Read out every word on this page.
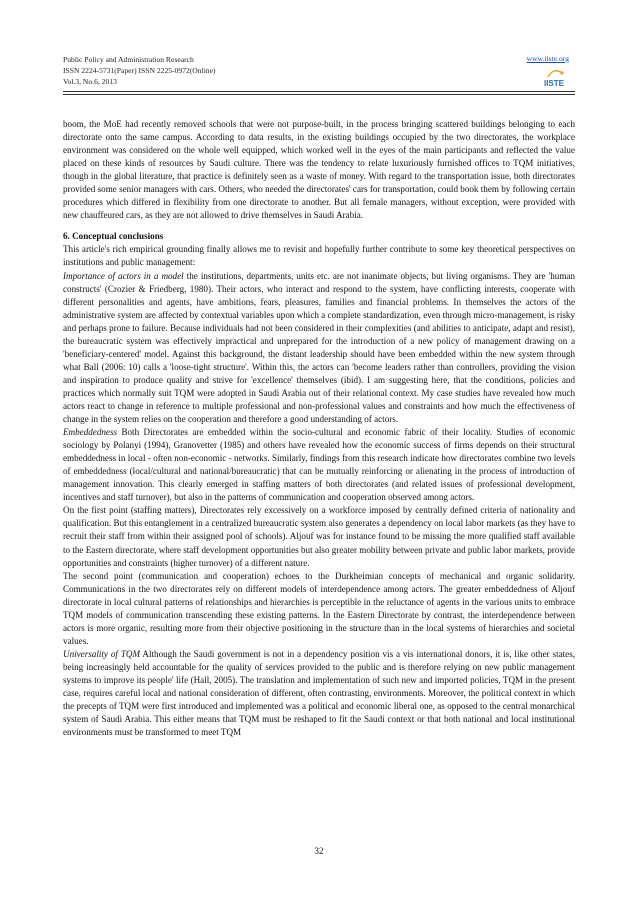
Public Policy and Administration Research
ISSN 2224-5731(Paper) ISSN 2225-0972(Online)
Vol.3, No.6, 2013
www.iiste.org
IISTE

boom, the MoE had recently removed schools that were not purpose-built, in the process bringing scattered buildings belonging to each directorate onto the same campus. According to data results, in the existing buildings occupied by the two directorates, the workplace environment was considered on the whole well equipped, which worked well in the eyes of the main participants and reflected the value placed on these kinds of resources by Saudi culture. There was the tendency to relate luxuriously furnished offices to TQM initiatives, though in the global literature, that practice is definitely seen as a waste of money. With regard to the transportation issue, both directorates provided some senior managers with cars. Others, who needed the directorates' cars for transportation, could book them by following certain procedures which differed in flexibility from one directorate to another. But all female managers, without exception, were provided with new chauffeured cars, as they are not allowed to drive themselves in Saudi Arabia.

6. Conceptual conclusions

This article's rich empirical grounding finally allows me to revisit and hopefully further contribute to some key theoretical perspectives on institutions and public management:

Importance of actors in a model the institutions, departments, units etc. are not inanimate objects, but living organisms. They are 'human constructs' (Crozier & Friedberg, 1980). Their actors, who interact and respond to the system, have conflicting interests, cooperate with different personalities and agents, have ambitions, fears, pleasures, families and financial problems. In themselves the actors of the administrative system are affected by contextual variables upon which a complete standardization, even through micro-management, is risky and perhaps prone to failure. Because individuals had not been considered in their complexities (and abilities to anticipate, adapt and resist), the bureaucratic system was effectively impractical and unprepared for the introduction of a new policy of management drawing on a 'beneficiary-centered' model. Against this background, the distant leadership should have been embedded within the new system through what Ball (2006: 10) calls a 'loose-tight structure'. Within this, the actors can 'become leaders rather than controllers, providing the vision and inspiration to produce quality and strive for 'excellence' themselves (ibid). I am suggesting here, that the conditions, policies and practices which normally suit TQM were adopted in Saudi Arabia out of their relational context. My case studies have revealed how much actors react to change in reference to multiple professional and non-professional values and constraints and how much the effectiveness of change in the system relies on the cooperation and therefore a good understanding of actors.

Embeddedness Both Directorates are embedded within the socio-cultural and economic fabric of their locality. Studies of economic sociology by Polanyi (1994), Granovetter (1985) and others have revealed how the economic success of firms depends on their structural embeddedness in local - often non-economic - networks. Similarly, findings from this research indicate how directorates combine two levels of embeddedness (local/cultural and national/bureaucratic) that can be mutually reinforcing or alienating in the process of introduction of management innovation. This clearly emerged in staffing matters of both directorates (and related issues of professional development, incentives and staff turnover), but also in the patterns of communication and cooperation observed among actors.

On the first point (staffing matters), Directorates rely excessively on a workforce imposed by centrally defined criteria of nationality and qualification. But this entanglement in a centralized bureaucratic system also generates a dependency on local labor markets (as they have to recruit their staff from within their assigned pool of schools). Aljouf was for instance found to be missing the more qualified staff available to the Eastern directorate, where staff development opportunities but also greater mobility between private and public labor markets, provide opportunities and constraints (higher turnover) of a different nature.

The second point (communication and cooperation) echoes to the Durkheimian concepts of mechanical and organic solidarity. Communications in the two directorates rely on different models of interdependence among actors. The greater embeddedness of Aljouf directorate in local cultural patterns of relationships and hierarchies is perceptible in the reluctance of agents in the various units to embrace TQM models of communication transcending these existing patterns. In the Eastern Directorate by contrast, the interdependence between actors is more organic, resulting more from their objective positioning in the structure than in the local systems of hierarchies and societal values.

Universality of TQM Although the Saudi government is not in a dependency position vis a vis international donors, it is, like other states, being increasingly held accountable for the quality of services provided to the public and is therefore relying on new public management systems to improve its people' life (Hall, 2005). The translation and implementation of such new and imported policies, TQM in the present case, requires careful local and national consideration of different, often contrasting, environments. Moreover, the political context in which the precepts of TQM were first introduced and implemented was a political and economic liberal one, as opposed to the central monarchical system of Saudi Arabia. This either means that TQM must be reshaped to fit the Saudi context or that both national and local institutional environments must be transformed to meet TQM

32
